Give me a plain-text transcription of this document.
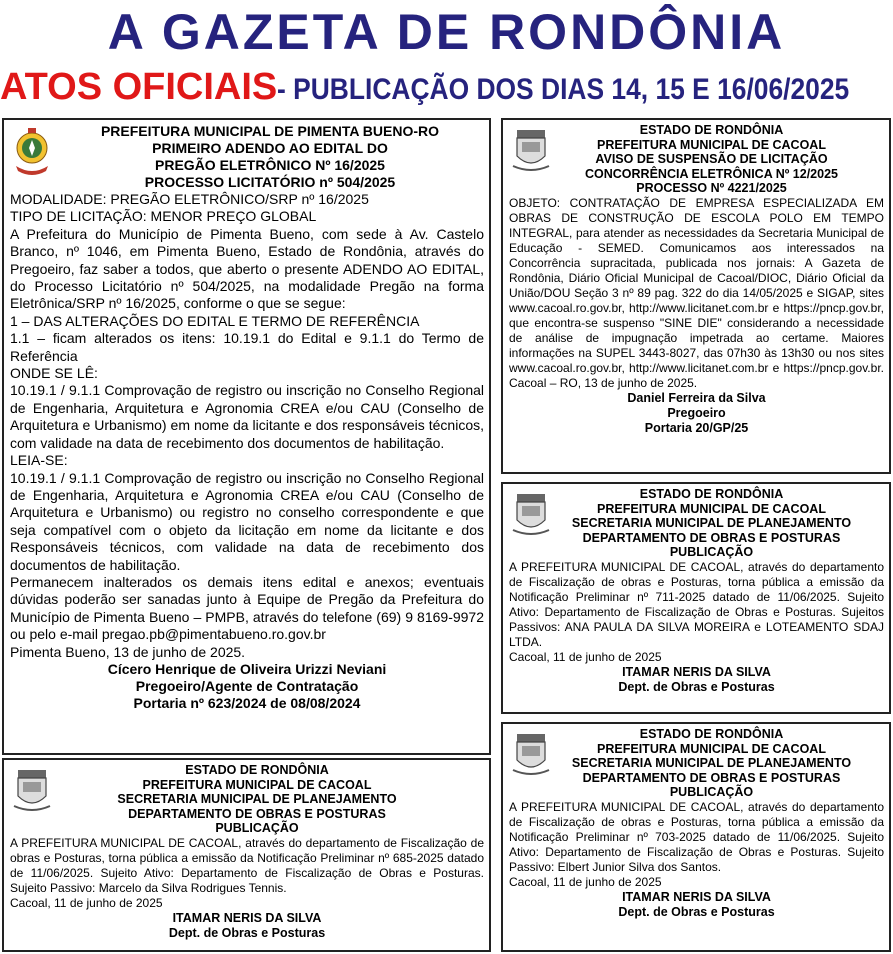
A GAZETA DE RONDÔNIA
ATOS OFICIAIS- PUBLICAÇÃO DOS DIAS 14, 15 E 16/06/2025
PREFEITURA MUNICIPAL DE PIMENTA BUENO-RO
PRIMEIRO ADENDO AO EDITAL DO
PREGÃO ELETRÔNICO Nº 16/2025
PROCESSO LICITATÓRIO nº 504/2025

MODALIDADE: PREGÃO ELETRÔNICO/SRP nº 16/2025

TIPO DE LICITAÇÃO: MENOR PREÇO GLOBAL

A Prefeitura do Município de Pimenta Bueno, com sede à Av. Castelo Branco, nº 1046, em Pimenta Bueno, Estado de Rondônia, através do Pregoeiro, faz saber a todos, que aberto o presente ADENDO AO EDITAL, do Processo Licitatório nº 504/2025, na modalidade Pregão na forma Eletrônica/SRP nº 16/2025, conforme o que se segue:

1 – DAS ALTERAÇÕES DO EDITAL E TERMO DE REFERÊNCIA

1.1 – ficam alterados os itens: 10.19.1 do Edital e 9.1.1 do Termo de Referência

ONDE SE LÊ:

10.19.1 / 9.1.1 Comprovação de registro ou inscrição no Conselho Regional de Engenharia, Arquitetura e Agronomia CREA e/ou CAU (Conselho de Arquitetura e Urbanismo) em nome da licitante e dos responsáveis técnicos, com validade na data de recebimento dos documentos de habilitação.

LEIA-SE:

10.19.1 / 9.1.1 Comprovação de registro ou inscrição no Conselho Regional de Engenharia, Arquitetura e Agronomia CREA e/ou CAU (Conselho de Arquitetura e Urbanismo) ou registro no conselho correspondente e que seja compatível com o objeto da licitação em nome da licitante e dos Responsáveis técnicos, com validade na data de recebimento dos documentos de habilitação.

Permanecem inalterados os demais itens edital e anexos; eventuais dúvidas poderão ser sanadas junto à Equipe de Pregão da Prefeitura do Município de Pimenta Bueno – PMPB, através do telefone (69) 9 8169-9972 ou pelo e-mail pregao.pb@pimentabueno.ro.gov.br

Pimenta Bueno, 13 de junho de 2025.

Cícero Henrique de Oliveira Urizzi Neviani
Pregoeiro/Agente de Contratação
Portaria nº 623/2024 de 08/08/2024
ESTADO DE RONDÔNIA
PREFEITURA MUNICIPAL DE CACOAL
SECRETARIA MUNICIPAL DE PLANEJAMENTO
DEPARTAMENTO DE OBRAS E POSTURAS
PUBLICAÇÃO

A PREFEITURA MUNICIPAL DE CACOAL, através do departamento de Fiscalização de obras e Posturas, torna pública a emissão da Notificação Preliminar nº 685-2025 datado de 11/06/2025. Sujeito Ativo: Departamento de Fiscalização de Obras e Posturas. Sujeito Passivo: Marcelo da Silva Rodrigues Tennis.

Cacoal, 11 de junho de 2025

ITAMAR NERIS DA SILVA
Dept. de Obras e Posturas
ESTADO DE RONDÔNIA
PREFEITURA MUNICIPAL DE CACOAL
AVISO DE SUSPENSÃO DE LICITAÇÃO
CONCORRÊNCIA ELETRÔNICA Nº 12/2025
PROCESSO Nº 4221/2025

OBJETO: CONTRATAÇÃO DE EMPRESA ESPECIALIZADA EM OBRAS DE CONSTRUÇÃO DE ESCOLA POLO EM TEMPO INTEGRAL, para atender as necessidades da Secretaria Municipal de Educação - SEMED. Comunicamos aos interessados na Concorrência supracitada, publicada nos jornais: A Gazeta de Rondônia, Diário Oficial Municipal de Cacoal/DIOC, Diário Oficial da União/DOU Seção 3 nº 89 pag. 322 do dia 14/05/2025 e SIGAP, sites www.cacoal.ro.gov.br, http://www.licitanet.com.br e https://pncp.gov.br, que encontra-se suspenso "SINE DIE" considerando a necessidade de análise de impugnação impetrada ao certame. Maiores informações na SUPEL 3443-8027, das 07h30 às 13h30 ou nos sites www.cacoal.ro.gov.br, http://www.licitanet.com.br e https://pncp.gov.br. Cacoal – RO, 13 de junho de 2025.

Daniel Ferreira da Silva
Pregoeiro
Portaria 20/GP/25
ESTADO DE RONDÔNIA
PREFEITURA MUNICIPAL DE CACOAL
SECRETARIA MUNICIPAL DE PLANEJAMENTO
DEPARTAMENTO DE OBRAS E POSTURAS
PUBLICAÇÃO

A PREFEITURA MUNICIPAL DE CACOAL, através do departamento de Fiscalização de obras e Posturas, torna pública a emissão da Notificação Preliminar nº 711-2025 datado de 11/06/2025. Sujeito Ativo: Departamento de Fiscalização de Obras e Posturas. Sujeitos Passivos: ANA PAULA DA SILVA MOREIRA e LOTEAMENTO SDAJ LTDA.

Cacoal, 11 de junho de 2025

ITAMAR NERIS DA SILVA
Dept. de Obras e Posturas
ESTADO DE RONDÔNIA
PREFEITURA MUNICIPAL DE CACOAL
SECRETARIA MUNICIPAL DE PLANEJAMENTO
DEPARTAMENTO DE OBRAS E POSTURAS
PUBLICAÇÃO

A PREFEITURA MUNICIPAL DE CACOAL, através do departamento de Fiscalização de obras e Posturas, torna pública a emissão da Notificação Preliminar nº 703-2025 datado de 11/06/2025. Sujeito Ativo: Departamento de Fiscalização de Obras e Posturas. Sujeito Passivo: Elbert Junior Silva dos Santos.

Cacoal, 11 de junho de 2025

ITAMAR NERIS DA SILVA
Dept. de Obras e Posturas
